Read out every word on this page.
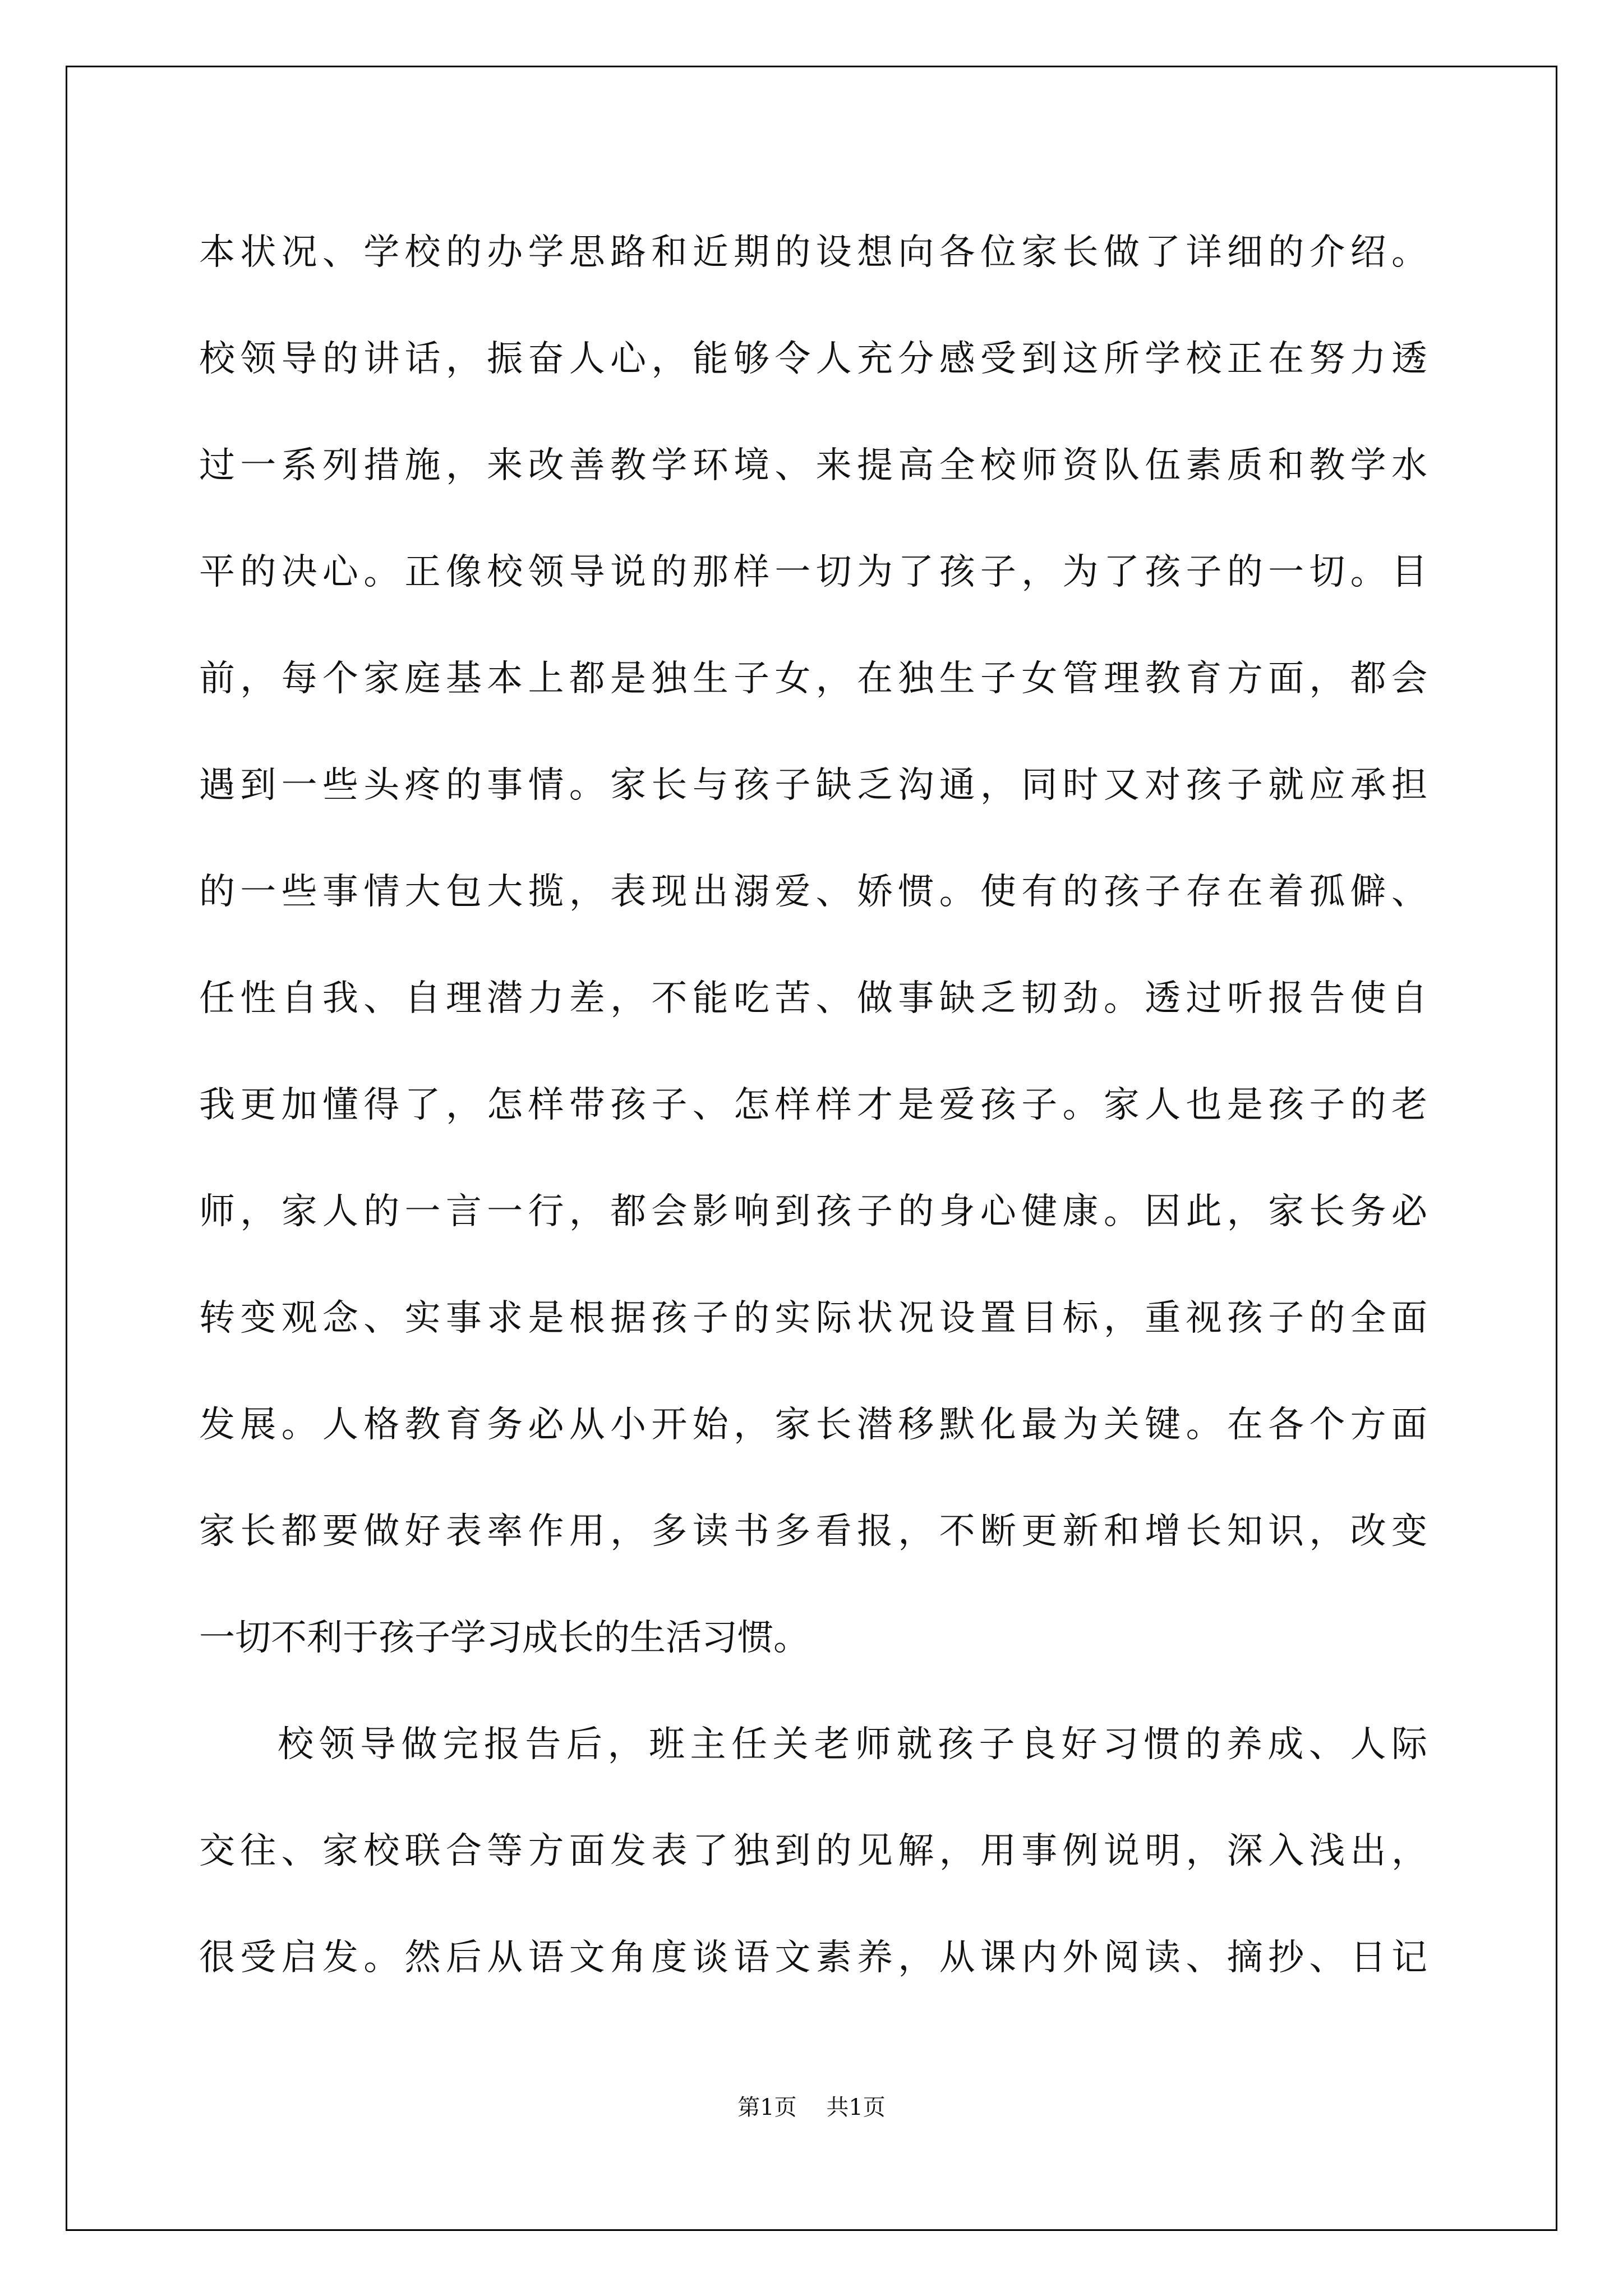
本状况、学校的办学思路和近期的设想向各位家长做了详细的介绍。
校领导的讲话，振奋人心，能够令人充分感受到这所学校正在努力透
过一系列措施，来改善教学环境、来提高全校师资队伍素质和教学水
平的决心。正像校领导说的那样一切为了孩子，为了孩子的一切。目
前，每个家庭基本上都是独生子女，在独生子女管理教育方面，都会
遇到一些头疼的事情。家长与孩子缺乏沟通，同时又对孩子就应承担
的一些事情大包大揽，表现出溺爱、娇惯。使有的孩子存在着孤僻、
任性自我、自理潜力差，不能吃苦、做事缺乏韧劲。透过听报告使自
我更加懂得了，怎样带孩子、怎样样才是爱孩子。家人也是孩子的老
师，家人的一言一行，都会影响到孩子的身心健康。因此，家长务必
转变观念、实事求是根据孩子的实际状况设置目标，重视孩子的全面
发展。人格教育务必从小开始，家长潜移默化最为关键。在各个方面
家长都要做好表率作用，多读书多看报，不断更新和增长知识，改变
一切不利于孩子学习成长的生活习惯。
校领导做完报告后，班主任关老师就孩子良好习惯的养成、人际
交往、家校联合等方面发表了独到的见解，用事例说明，深入浅出，
很受启发。然后从语文角度谈语文素养，从课内外阅读、摘抄、日记
第1页 共1页
